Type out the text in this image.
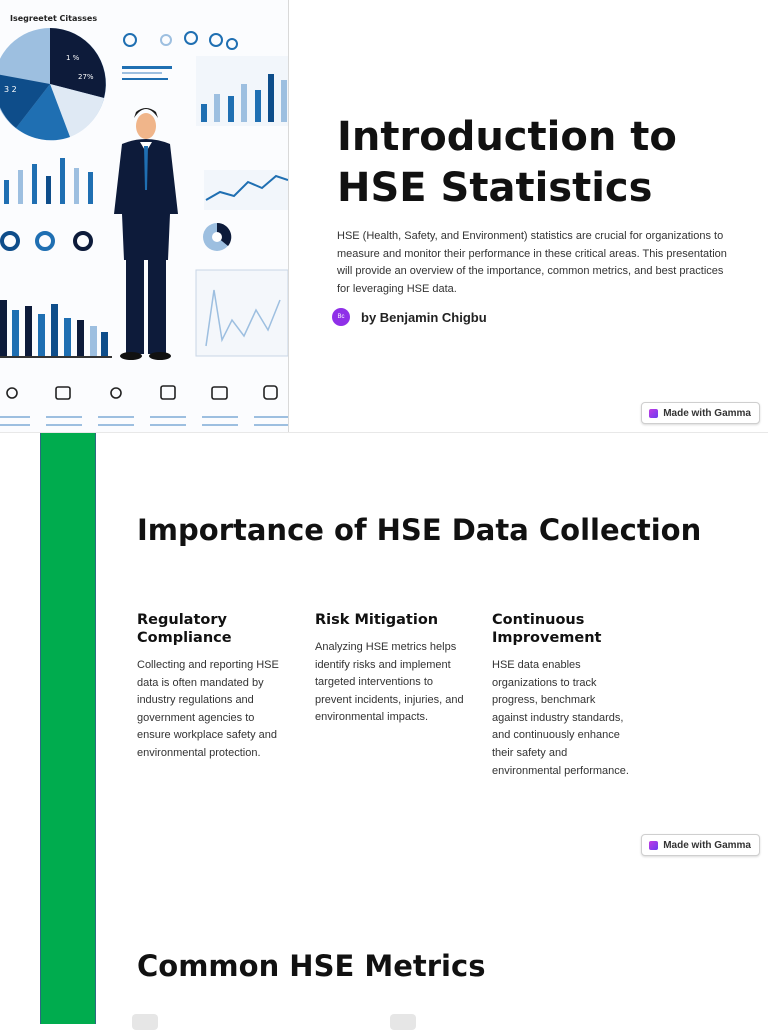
Isegreetet Citasses
1 %
27%
3 2
Introduction to HSE Statistics

HSE (Health, Safety, and Environment) statistics are crucial for organizations to measure and monitor their performance in these critical areas. This presentation will provide an overview of the importance, common metrics, and best practices for leveraging HSE data.

Bc	by Benjamin Chigbu
Made with Gamma
Importance of HSE Data Collection
Regulatory Compliance

Collecting and reporting HSE data is often mandated by industry regulations and government agencies to ensure workplace safety and environmental protection.

Risk Mitigation

Analyzing HSE metrics helps identify risks and implement targeted interventions to prevent incidents, injuries, and environmental impacts.

Continuous Improvement

HSE data enables organizations to track progress, benchmark against industry standards, and continuously enhance their safety and environmental performance.

Made with Gamma
Common HSE Metrics
